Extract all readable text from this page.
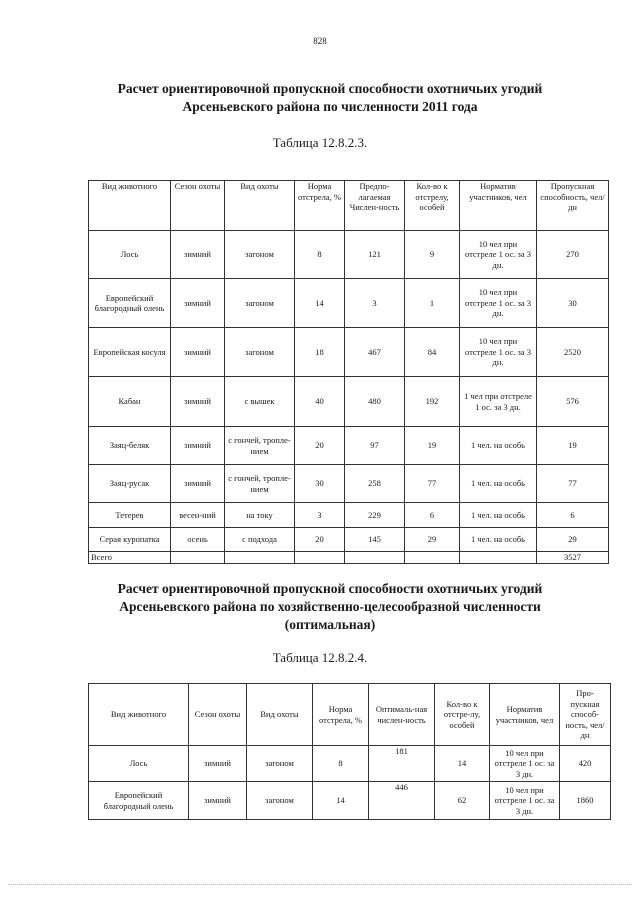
828
Расчет ориентировочной пропускной способности охотничьих угодий
Арсеньевского района по численности 2011 года
Таблица 12.8.2.3.
Вид животного	Сезон охоты	Вид охоты	Норма отстрела, %	Предпо-лагаемая Числен-ность	Кол-во к отстрелу, особей	Норматив участников, чел	Пропускная способность, чел/дн
Лось	зимний	загоном	8	121	9	10 чел при отстреле 1 ос. за 3 дн.	270
Европейский благородный олень	зимний	загоном	14	3	1	10 чел при отстреле 1 ос. за 3 дн.	30
Европейская косуля	зимний	загоном	18	467	84	10 чел при отстреле 1 ос. за 3 дн.	2520
Кабан	зимний	с вышек	40	480	192	1 чел при отстреле 1 ос. за 3 дн.	576
Заяц-беляк	зимний	с гончей, тропле-нием	20	97	19	1 чел. на особь	19
Заяц-русак	зимний	с гончей, тропле-нием	30	258	77	1 чел. на особь	77
Тетерев	весен-ний	на току	3	229	6	1 чел. на особь	6
Серая куропатка	осень	с подхода	20	145	29	1 чел. на особь	29
Всего							3527
Расчет ориентировочной пропускной способности охотничьих угодий
Арсеньевского района по хозяйственно-целесообразной численности
(оптимальная)
Таблица 12.8.2.4.
Вид животного	Сезон охоты	Вид охоты	Норма отстрела, %	Оптималь-ная числен-ность	Кол-во к отстре-лу, особей	Норматив участников, чел	Про-пускная способ-ность, чел/дн
Лось	зимний	загоном	8	181	14	10 чел при отстреле 1 ос. за 3 дн.	420
Европейский благородный олень	зимний	загоном	14	446	62	10 чел при отстреле 1 ос. за 3 дн.	1860
